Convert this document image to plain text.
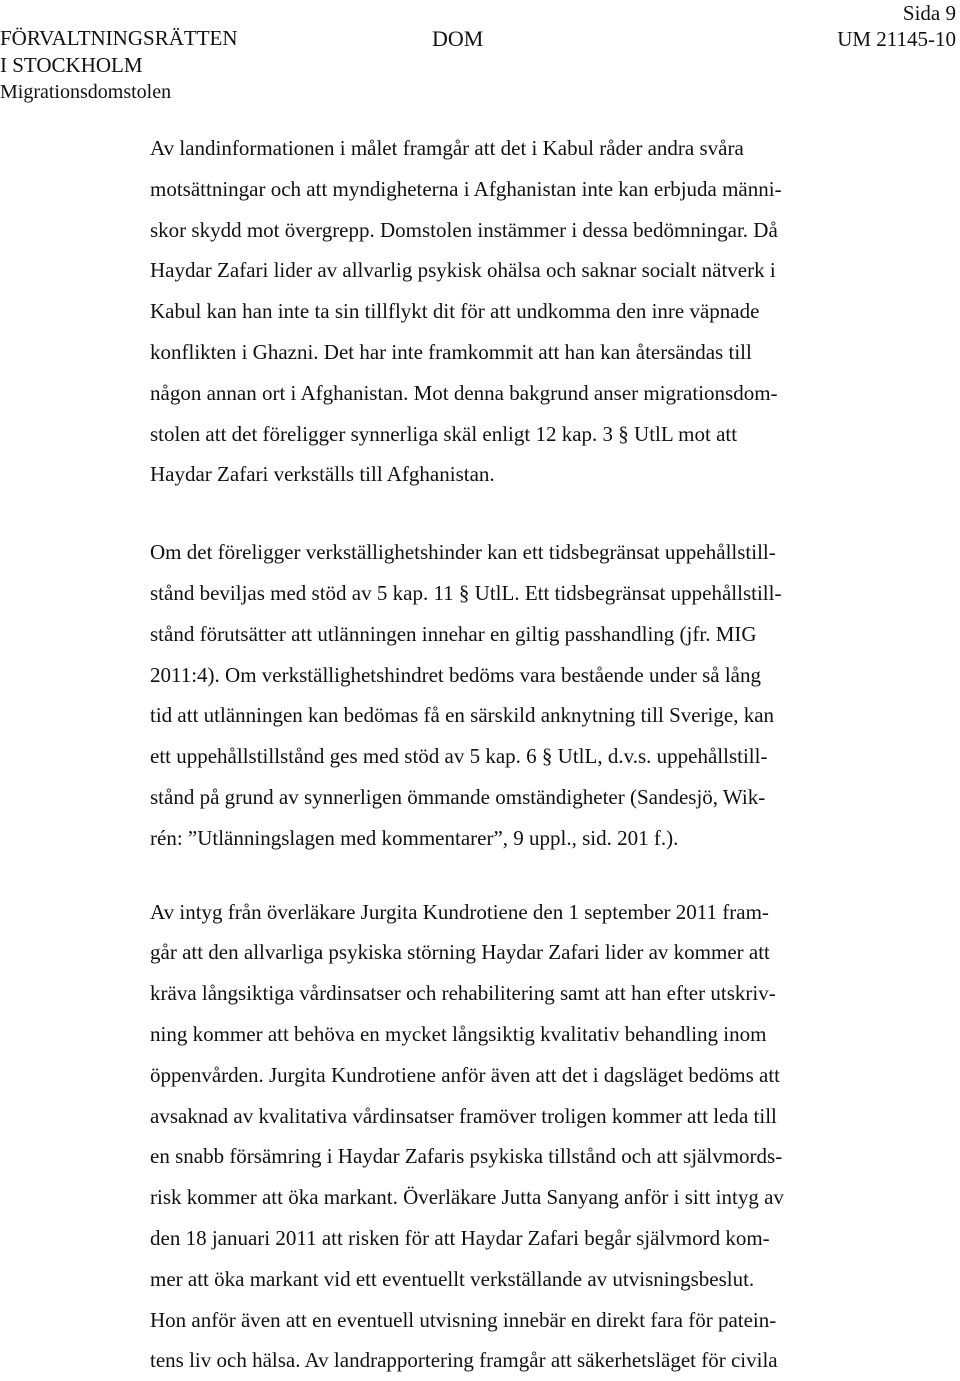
FÖRVALTNINGSRÄTTEN
I STOCKHOLM
Migrationsdomstolen
DOM
Sida 9
UM 21145-10

Av landinformationen i målet framgår att det i Kabul råder andra svåra
motsättningar och att myndigheterna i Afghanistan inte kan erbjuda männi-
skor skydd mot övergrepp. Domstolen instämmer i dessa bedömningar. Då
Haydar Zafari lider av allvarlig psykisk ohälsa och saknar socialt nätverk i
Kabul kan han inte ta sin tillflykt dit för att undkomma den inre väpnade
konflikten i Ghazni. Det har inte framkommit att han kan återsändas till
någon annan ort i Afghanistan. Mot denna bakgrund anser migrationsdom-
stolen att det föreligger synnerliga skäl enligt 12 kap. 3 § UtlL mot att
Haydar Zafari verkställs till Afghanistan.

Om det föreligger verkställighetshinder kan ett tidsbegränsat uppehållstill-
stånd beviljas med stöd av 5 kap. 11 § UtlL. Ett tidsbegränsat uppehållstill-
stånd förutsätter att utlänningen innehar en giltig passhandling (jfr. MIG
2011:4). Om verkställighetshindret bedöms vara bestående under så lång
tid att utlänningen kan bedömas få en särskild anknytning till Sverige, kan
ett uppehållstillstånd ges med stöd av 5 kap. 6 § UtlL, d.v.s. uppehållstill-
stånd på grund av synnerligen ömmande omständigheter (Sandesjö, Wik-
rén: ”Utlänningslagen med kommentarer”, 9 uppl., sid. 201 f.).

Av intyg från överläkare Jurgita Kundrotiene den 1 september 2011 fram-
går att den allvarliga psykiska störning Haydar Zafari lider av kommer att
kräva långsiktiga vårdinsatser och rehabilitering samt att han efter utskriv-
ning kommer att behöva en mycket långsiktig kvalitativ behandling inom
öppenvården. Jurgita Kundrotiene anför även att det i dagsläget bedöms att
avsaknad av kvalitativa vårdinsatser framöver troligen kommer att leda till
en snabb försämring i Haydar Zafaris psykiska tillstånd och att självmords-
risk kommer att öka markant. Överläkare Jutta Sanyang anför i sitt intyg av
den 18 januari 2011 att risken för att Haydar Zafari begår självmord kom-
mer att öka markant vid ett eventuellt verkställande av utvisningsbeslut.
Hon anför även att en eventuell utvisning innebär en direkt fara för patein-
tens liv och hälsa. Av landrapportering framgår att säkerhetsläget för civila
